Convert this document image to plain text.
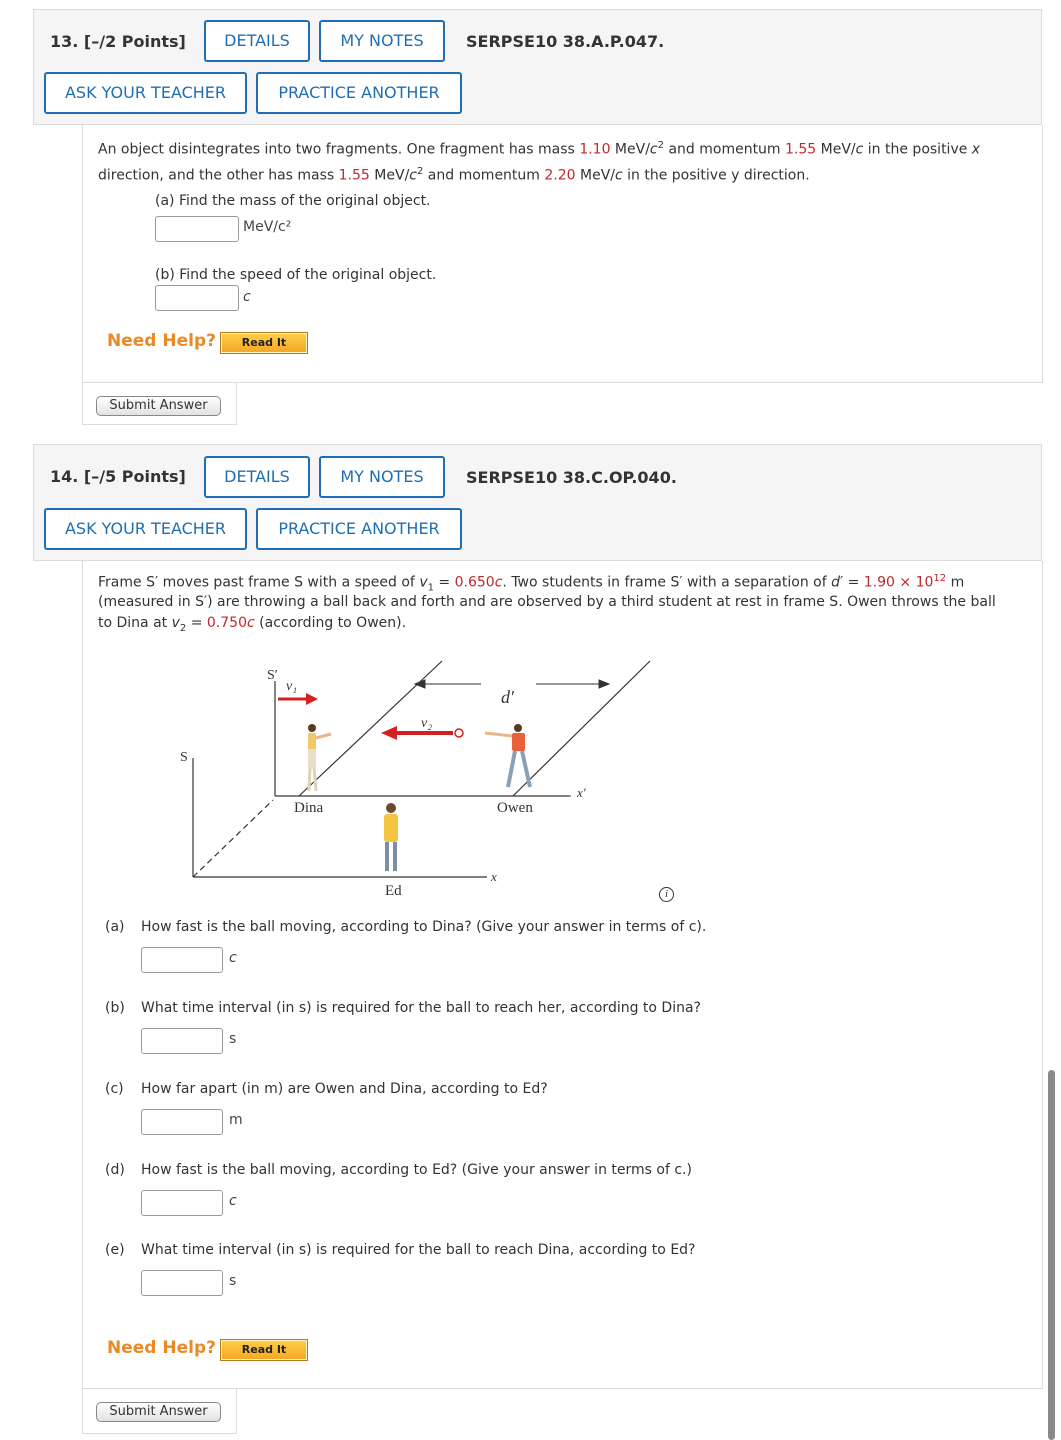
13. [–/2 Points]	DETAILS	MY NOTES	SERPSE10 38.A.P.047.
ASK YOUR TEACHER	PRACTICE ANOTHER
An object disintegrates into two fragments. One fragment has mass 1.10 MeV/$c^2$ and momentum 1.55 MeV/c in the positive x
direction, and the other has mass 1.55 MeV/$c^2$ and momentum 2.20 MeV/c in the positive y direction.
(a) Find the mass of the original object.
MeV/c²
(b) Find the speed of the original object.
c
Need Help?	Read It
Submit Answer
14. [–/5 Points]	DETAILS	MY NOTES	SERPSE10 38.C.OP.040.
ASK YOUR TEACHER	PRACTICE ANOTHER
Frame S′ moves past frame S with a speed of $v_1 = 0.650c$. Two students in frame S′ with a separation of $d' = 1.90 \times 10^{12}$ m
(measured in S′) are throwing a ball back and forth and are observed by a third student at rest in frame S. Owen throws the ball
to Dina at $v_2 = 0.750c$ (according to Owen).
S
S′
v₁
v₂
d′
x′
x
Dina	Owen
Ed	i
(a) How fast is the ball moving, according to Dina? (Give your answer in terms of c).
c
(b) What time interval (in s) is required for the ball to reach her, according to Dina?
s
(c) How far apart (in m) are Owen and Dina, according to Ed?
m
(d) How fast is the ball moving, according to Ed? (Give your answer in terms of c.)
c
(e) What time interval (in s) is required for the ball to reach Dina, according to Ed?
s
Need Help?	Read It
Submit Answer
